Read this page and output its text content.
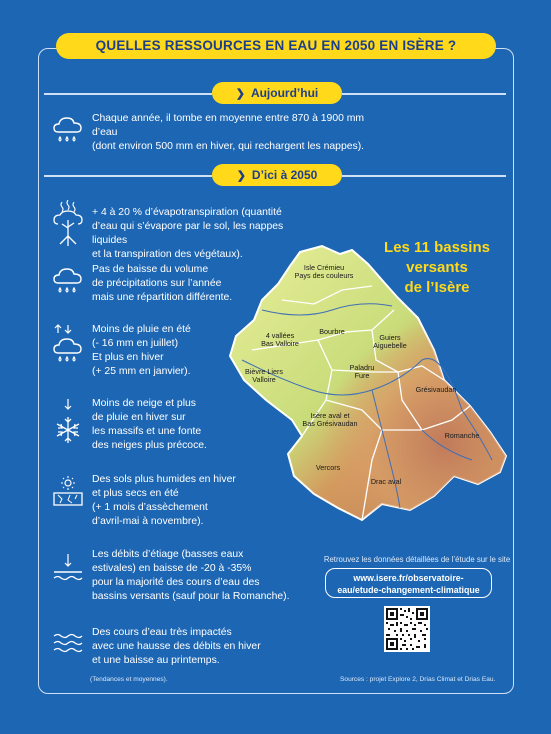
QUELLES RESSOURCES EN EAU EN 2050 EN ISÈRE ?
❯ Aujourd’hui
Chaque année, il tombe en moyenne entre 870 à 1900 mm d’eau
(dont environ 500 mm en hiver, qui rechargent les nappes).
❯ D’ici à 2050
+ 4 à 20 % d’évapotranspiration (quantité
d’eau qui s’évapore par le sol, les nappes liquides
et la transpiration des végétaux).
Pas de baisse du volume
de précipitations sur l’année
mais une répartition différente.
Moins de pluie en été
(- 16 mm en juillet)
Et plus en hiver
(+ 25 mm en janvier).
Moins de neige et plus
de pluie en hiver sur
les massifs et une fonte
des neiges plus précoce.
Des sols plus humides en hiver
et plus secs en été
(+ 1 mois d’assèchement
d’avril-mai à novembre).
Les débits d’étiage (basses eaux
estivales) en baisse de -20 à -35%
pour la majorité des cours d’eau des
bassins versants (sauf pour la Romanche).
Des cours d’eau très impactés
avec une hausse des débits en hiver
et une baisse au printemps.
Les 11 bassins
versants
de l’Isère
Isle Crémieu Pays des couleurs
4 vallées Bas Valloire
Bourbre
Guiers Aiguebelle
Bièvre Liers Valloire
Paladru Fure
Grésivaudan
Isère aval et Bas Grésivaudan
Romanche
Vercors
Drac aval
Retrouvez les données détaillées de l’étude sur le site
www.isere.fr/observatoire-
eau/etude-changement-climatique
(Tendances et moyennes).	Sources : projet Explore 2, Drias Climat et Drias Eau.
